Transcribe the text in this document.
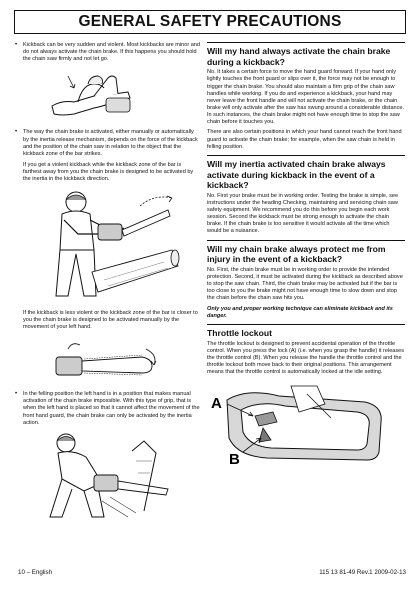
GENERAL SAFETY PRECAUTIONS

• Kickback can be very sudden and violent. Most kickbacks are minor and do not always activate the chain brake. If this happens you should hold the chain saw firmly and not let go.

• The way the chain brake is activated, either manually or automatically by the inertia release mechanism, depends on the force of the kickback and the position of the chain saw in relation to the object that the kickback zone of the bar strikes.

If you get a violent kickback while the kickback zone of the bar is farthest away from you the chain brake is designed to be activated by the inertia in the kickback direction.

If the kickback is less violent or the kickback zone of the bar is closer to you the chain brake is designed to be activated manually by the movement of your left hand.

• In the felling position the left hand is in a position that makes manual activation of the chain brake impossible. With this type of grip, that is when the left hand is placed so that it cannot affect the movement of the front hand guard, the chain brake can only be activated by the inertia action.

Will my hand always activate the chain brake during a kickback?

No. It takes a certain force to move the hand guard forward. If your hand only lightly touches the front guard or slips over it, the force may not be enough to trigger the chain brake. You should also maintain a firm grip of the chain saw handles while working. If you do and experience a kickback, your hand may never leave the front handle and will not activate the chain brake, or the chain brake will only activate after the saw has swung around a considerable distance. In such instances, the chain brake might not have enough time to stop the saw chain before it touches you.

There are also certain positions in which your hand cannot reach the front hand guard to activate the chain brake; for example, when the saw chain is held in felling position.

Will my inertia activated chain brake always activate during kickback in the event of a kickback?

No. First your brake must be in working order. Testing the brake is simple, see instructions under the heading Checking, maintaining and servicing chain saw safety equipment. We recommend you do this before you begin each work session. Second the kickback must be strong enough to activate the chain brake. If the chain brake is too sensitive it would activate all the time which would be a nuisance.

Will my chain brake always protect me from injury in the event of a kickback?

No. First, the chain brake must be in working order to provide the intended protection. Second, it must be activated during the kickback as described above to stop the saw chain. Third, the chain brake may be activated but if the bar is too close to you the brake might not have enough time to slow down and stop the chain before the chain saw hits you.

Only you and proper working technique can eliminate kickback and its danger.

Throttle lockout

The throttle lockout is designed to prevent accidental operation of the throttle control. When you press the lock (A) (i.e. when you grasp the handle) it releases the throttle control (B). When you release the handle the throttle control and the throttle lockout both move back to their original positions. This arrangement means that the throttle control is automatically locked at the idle setting.

A
B
10 – English	115 13 81-49 Rev.1 2009-02-13
